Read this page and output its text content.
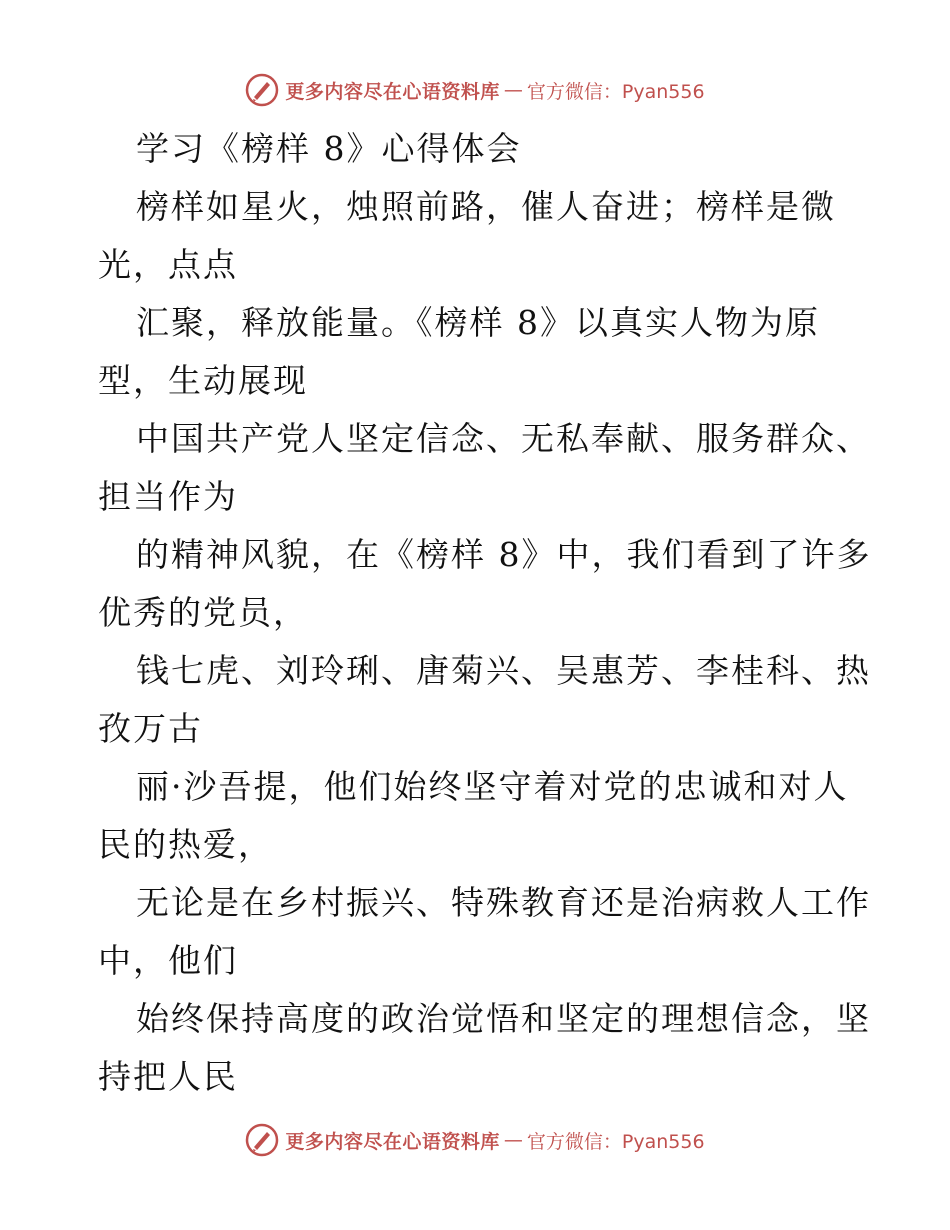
更多内容尽在心语资料库 — 官方微信：Pyan556
学习《榜样 8》心得体会
榜样如星火，烛照前路，催人奋进；榜样是微
光，点点
汇聚，释放能量。《榜样 8》以真实人物为原
型，生动展现
中国共产党人坚定信念、无私奉献、服务群众、
担当作为
的精神风貌，在《榜样 8》中，我们看到了许多
优秀的党员，
钱七虎、刘玲琍、唐菊兴、吴惠芳、李桂科、热
孜万古
丽·沙吾提，他们始终坚守着对党的忠诚和对人
民的热爱，
无论是在乡村振兴、特殊教育还是治病救人工作
中，他们
始终保持高度的政治觉悟和坚定的理想信念，坚
持把人民
更多内容尽在心语资料库 — 官方微信：Pyan556
